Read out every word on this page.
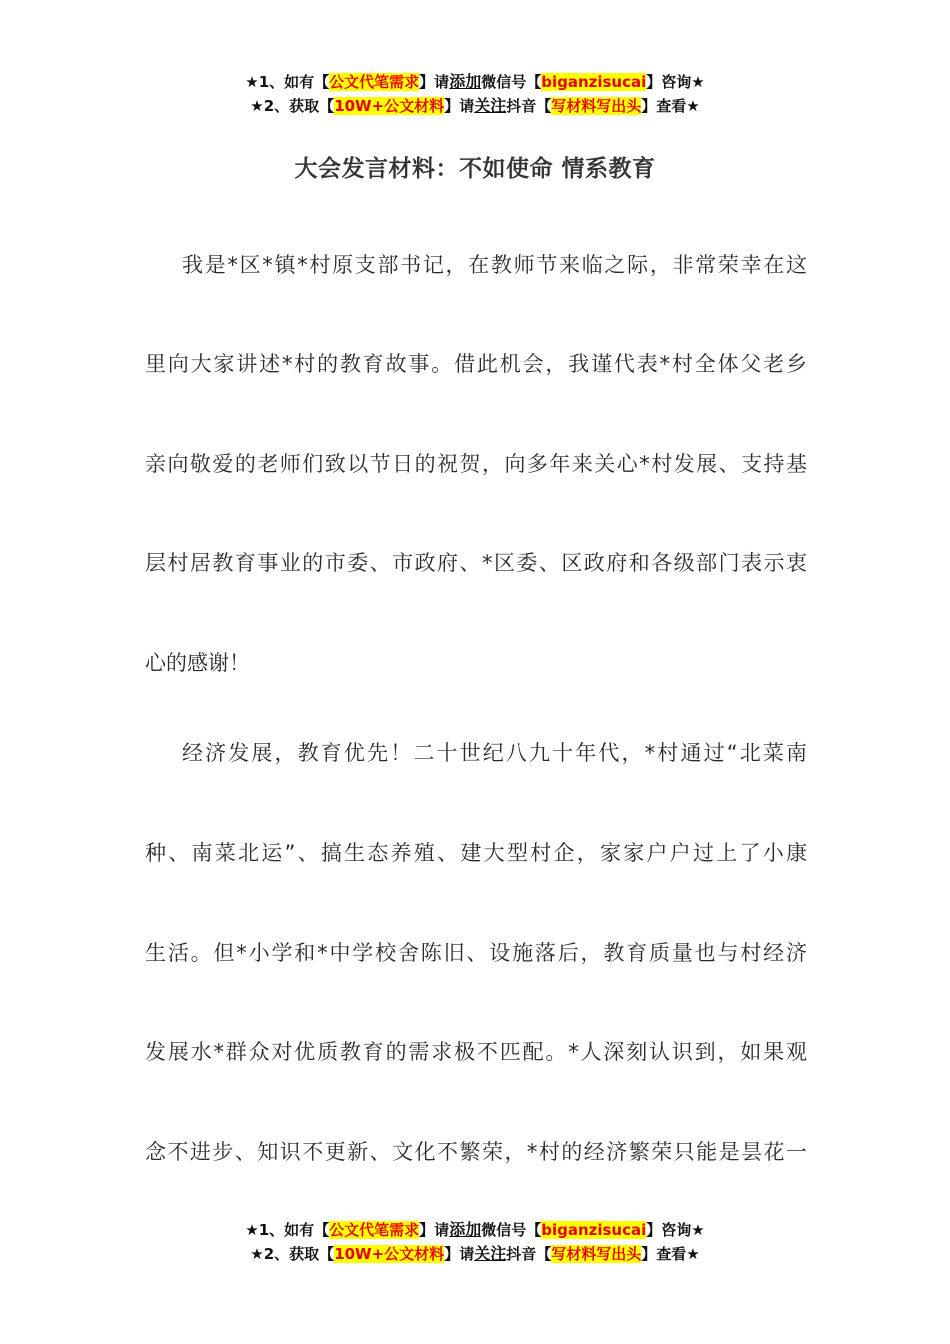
★1、如有【公文代笔需求】请添加微信号【biganzisucai】咨询★
★2、获取【10W+公文材料】请关注抖音【写材料写出头】查看★
大会发言材料：不如使命 情系教育
我是*区*镇*村原支部书记，在教师节来临之际，非常荣幸在这
里向大家讲述*村的教育故事。借此机会，我谨代表*村全体父老乡
亲向敬爱的老师们致以节日的祝贺，向多年来关心*村发展、支持基
层村居教育事业的市委、市政府、*区委、区政府和各级部门表示衷
心的感谢！
经济发展，教育优先！二十世纪八九十年代，*村通过“北菜南
种、南菜北运”、搞生态养殖、建大型村企，家家户户过上了小康
生活。但*小学和*中学校舍陈旧、设施落后，教育质量也与村经济
发展水*群众对优质教育的需求极不匹配。*人深刻认识到，如果观
念不进步、知识不更新、文化不繁荣，*村的经济繁荣只能是昙花一
★1、如有【公文代笔需求】请添加微信号【biganzisucai】咨询★
★2、获取【10W+公文材料】请关注抖音【写材料写出头】查看★
